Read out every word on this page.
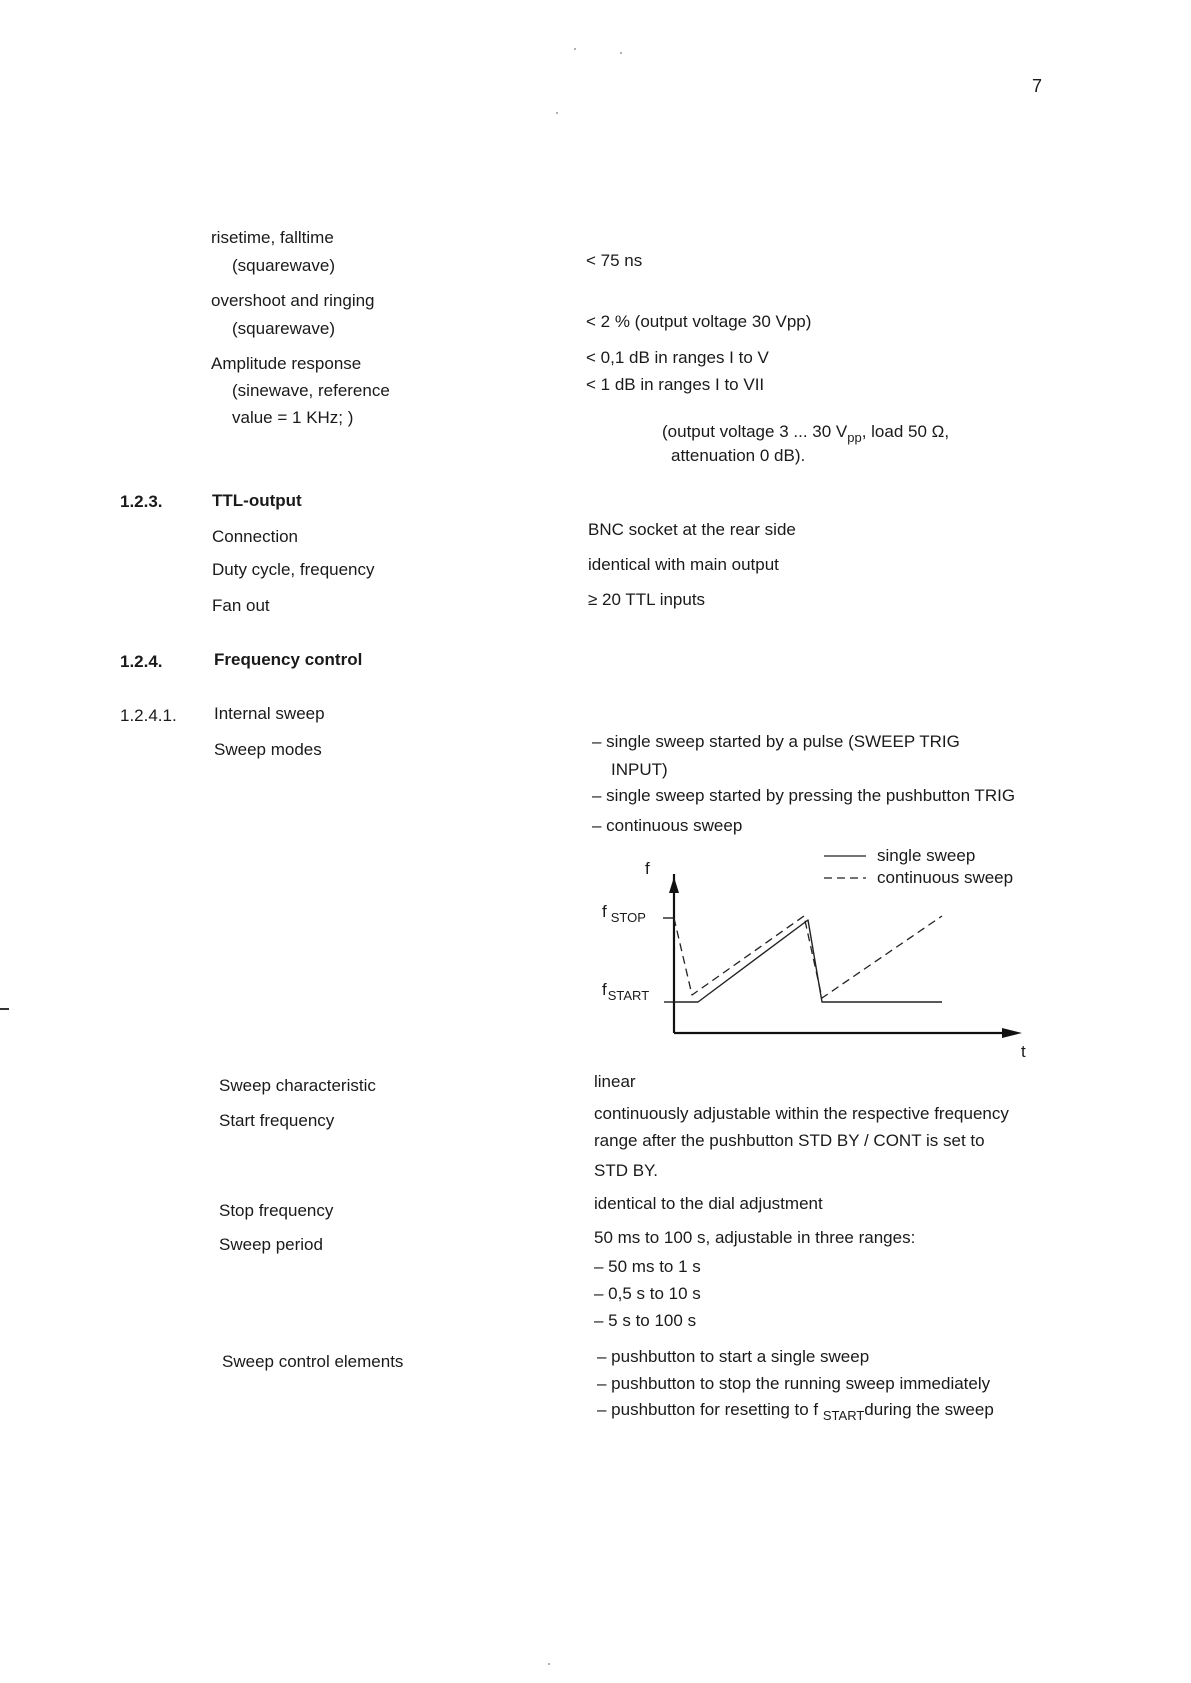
7
risetime, falltime
(squarewave)	< 75 ns
overshoot and ringing
(squarewave)	< 2 % (output voltage 30 Vpp)
Amplitude response
(sinewave, reference
value = 1 KHz; )
< 0,1 dB in ranges I to V
< 1 dB in ranges I to VII
(output voltage 3 ... 30 $V_{pp}$, load 50 Ω,
attenuation 0 dB).
1.2.3.	TTL-output
Connection	BNC socket at the rear side
Duty cycle, frequency	identical with main output
Fan out	≥ 20 TTL inputs
1.2.4.	Frequency control
1.2.4.1. Internal sweep
Sweep modes	– single sweep started by a pulse (SWEEP TRIG
INPUT)
– single sweep started by pressing the pushbutton TRIG
– continuous sweep
single sweep
continuous sweep
f
t
f $_{STOP}$
$f_{START}$
Sweep characteristic	linear
Start frequency	continuously adjustable within the respective frequency
range after the pushbutton STD BY / CONT is set to
STD BY.
Stop frequency	identical to the dial adjustment
Sweep period	50 ms to 100 s, adjustable in three ranges:
– 50 ms to 1 s
– 0,5 s to 10 s
– 5 s to 100 s
Sweep control elements	– pushbutton to start a single sweep
– pushbutton to stop the running sweep immediately
– pushbutton for resetting to f $_{START}$during the sweep
